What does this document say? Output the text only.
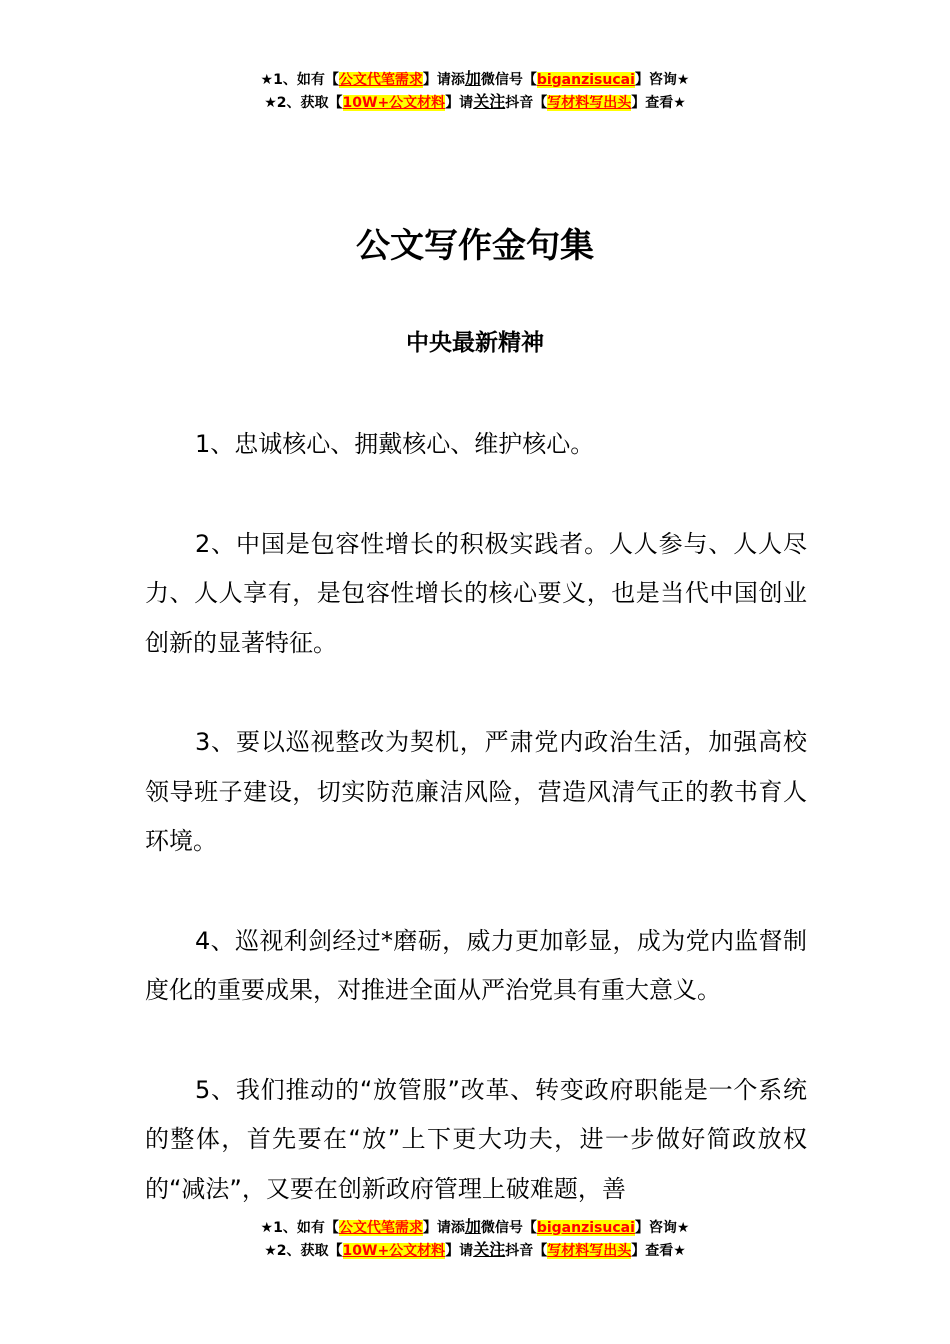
★1、如有【公文代笔需求】请添加微信号【biganzisucai】咨询★
★2、获取【10W+公文材料】请关注抖音【写材料写出头】查看★
公文写作金句集
中央最新精神

1、忠诚核心、拥戴核心、维护核心。

2、中国是包容性增长的积极实践者。人人参与、人人尽力、人人享有，是包容性增长的核心要义，也是当代中国创业创新的显著特征。

3、要以巡视整改为契机，严肃党内政治生活，加强高校领导班子建设，切实防范廉洁风险，营造风清气正的教书育人环境。

4、巡视利剑经过*磨砺，威力更加彰显，成为党内监督制度化的重要成果，对推进全面从严治党具有重大意义。

5、我们推动的“放管服”改革、转变政府职能是一个系统的整体，首先要在“放”上下更大功夫，进一步做好简政放权的“减法”，又要在创新政府管理上破难题，善

★1、如有【公文代笔需求】请添加微信号【biganzisucai】咨询★
★2、获取【10W+公文材料】请关注抖音【写材料写出头】查看★
